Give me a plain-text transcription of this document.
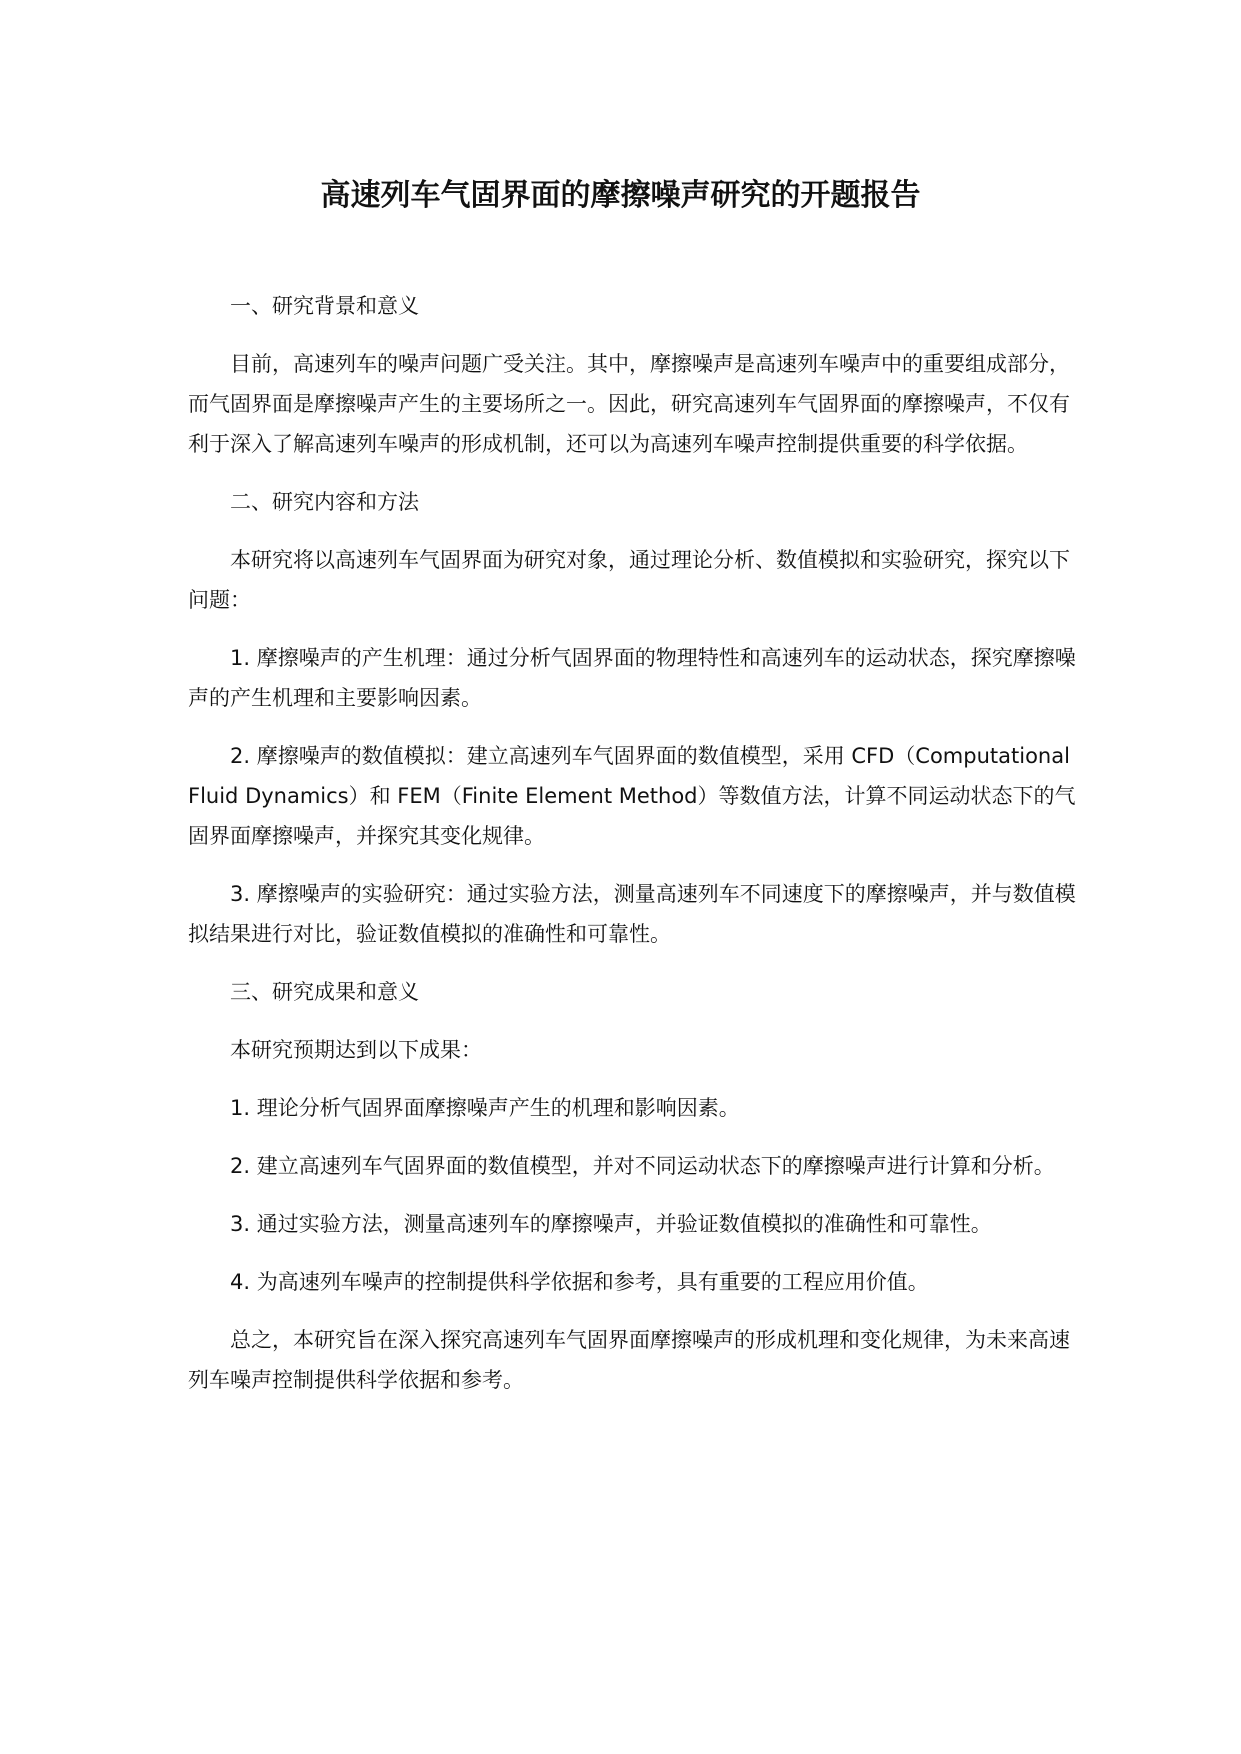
高速列车气固界面的摩擦噪声研究的开题报告

一、研究背景和意义

目前，高速列车的噪声问题广受关注。其中，摩擦噪声是高速列车噪声中的重要组成部分，而气固界面是摩擦噪声产生的主要场所之一。因此，研究高速列车气固界面的摩擦噪声，不仅有利于深入了解高速列车噪声的形成机制，还可以为高速列车噪声控制提供重要的科学依据。

二、研究内容和方法

本研究将以高速列车气固界面为研究对象，通过理论分析、数值模拟和实验研究，探究以下问题：

1. 摩擦噪声的产生机理：通过分析气固界面的物理特性和高速列车的运动状态，探究摩擦噪声的产生机理和主要影响因素。

2. 摩擦噪声的数值模拟：建立高速列车气固界面的数值模型，采用 CFD（Computational Fluid Dynamics）和 FEM（Finite Element Method）等数值方法，计算不同运动状态下的气固界面摩擦噪声，并探究其变化规律。

3. 摩擦噪声的实验研究：通过实验方法，测量高速列车不同速度下的摩擦噪声，并与数值模拟结果进行对比，验证数值模拟的准确性和可靠性。

三、研究成果和意义

本研究预期达到以下成果：

1. 理论分析气固界面摩擦噪声产生的机理和影响因素。

2. 建立高速列车气固界面的数值模型，并对不同运动状态下的摩擦噪声进行计算和分析。

3. 通过实验方法，测量高速列车的摩擦噪声，并验证数值模拟的准确性和可靠性。

4. 为高速列车噪声的控制提供科学依据和参考，具有重要的工程应用价值。

总之，本研究旨在深入探究高速列车气固界面摩擦噪声的形成机理和变化规律，为未来高速列车噪声控制提供科学依据和参考。
